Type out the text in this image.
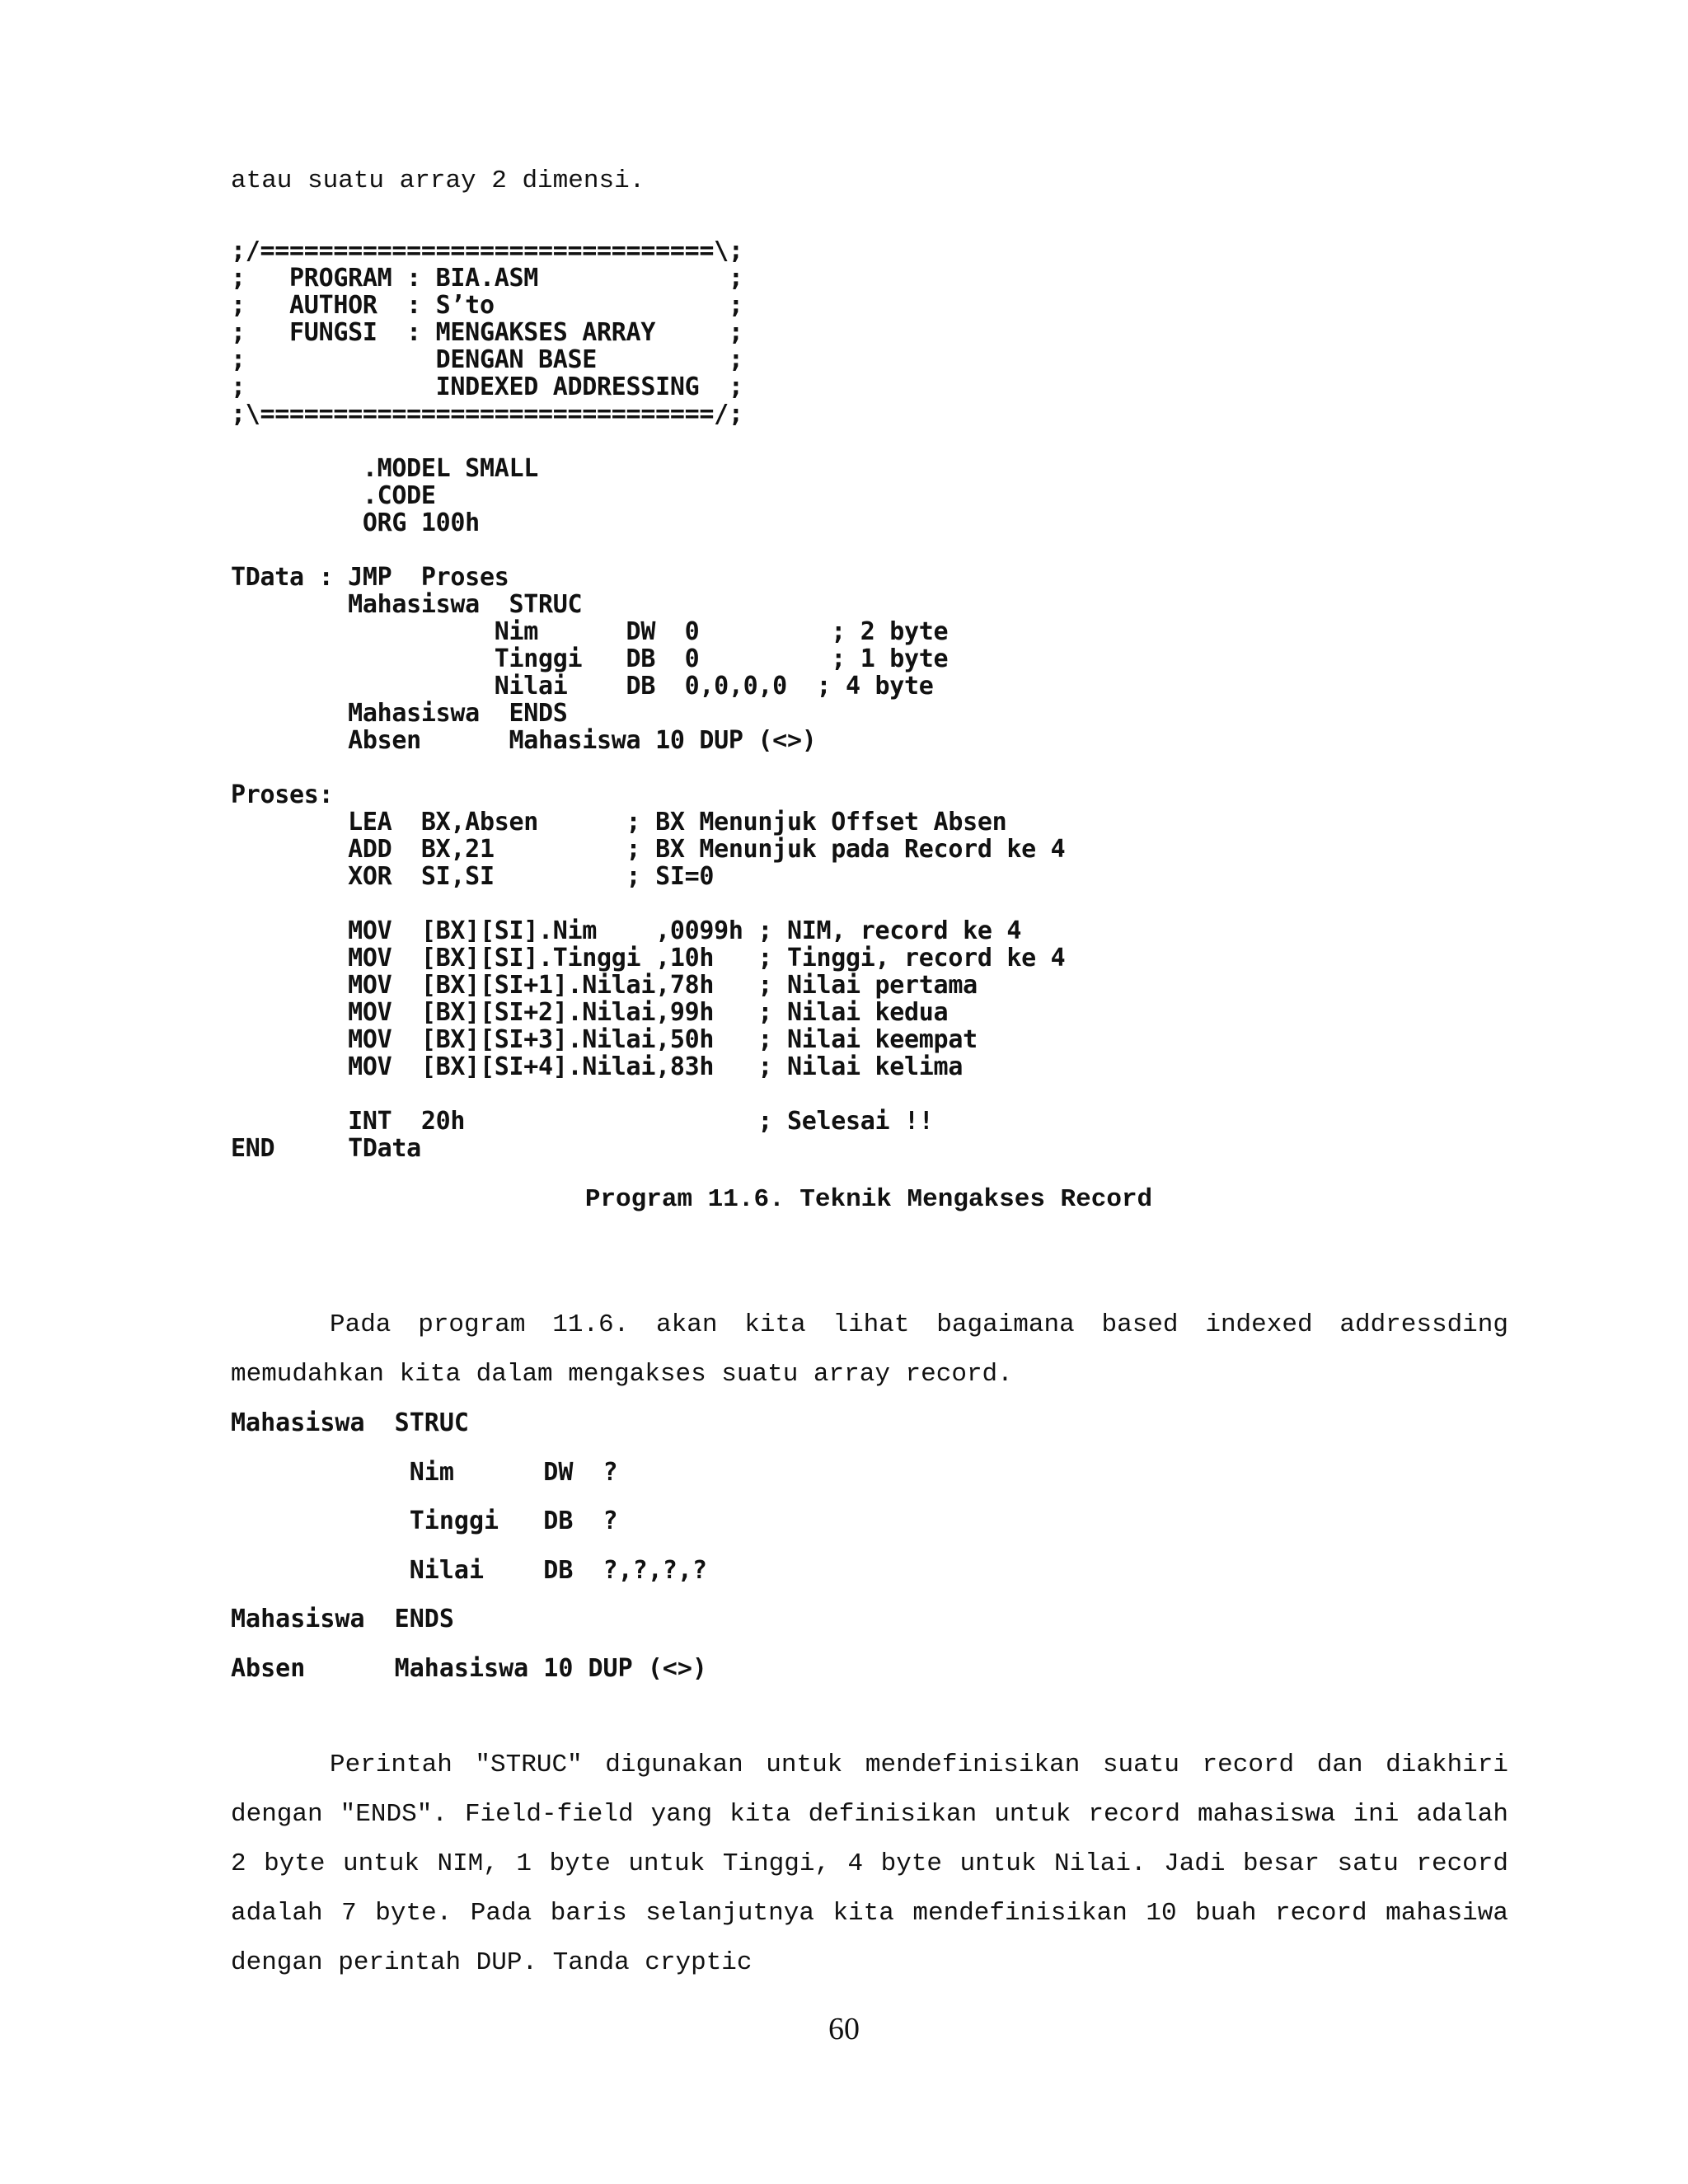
atau suatu array 2 dimensi.
;/===============================\;
;   PROGRAM : BIA.ASM             ;
;   AUTHOR  : S’to                ;
;   FUNGSI  : MENGAKSES ARRAY     ;
;             DENGAN BASE         ;
;             INDEXED ADDRESSING  ;
;\===============================/;

.MODEL SMALL
.CODE
ORG 100h

TData : JMP  Proses
Mahasiswa  STRUC
Nim      DW  0         ; 2 byte
Tinggi   DB  0         ; 1 byte
Nilai    DB  0,0,0,0  ; 4 byte
Mahasiswa  ENDS
Absen      Mahasiswa 10 DUP (<>)

Proses:
LEA  BX,Absen      ; BX Menunjuk Offset Absen
ADD  BX,21         ; BX Menunjuk pada Record ke 4
XOR  SI,SI         ; SI=0

MOV  [BX][SI].Nim    ,0099h ; NIM, record ke 4
MOV  [BX][SI].Tinggi ,10h   ; Tinggi, record ke 4
MOV  [BX][SI+1].Nilai,78h   ; Nilai pertama
MOV  [BX][SI+2].Nilai,99h   ; Nilai kedua
MOV  [BX][SI+3].Nilai,50h   ; Nilai keempat
MOV  [BX][SI+4].Nilai,83h   ; Nilai kelima

INT  20h                    ; Selesai !!
END     TData
Program 11.6. Teknik Mengakses Record

Pada program 11.6. akan kita lihat bagaimana based indexed addressding memudahkan kita dalam mengakses suatu array record.

Mahasiswa  STRUC
Nim      DW  ?
Tinggi   DB  ?
Nilai    DB  ?,?,?,?
Mahasiswa  ENDS
Absen      Mahasiswa 10 DUP (<>)

Perintah "STRUC" digunakan untuk mendefinisikan suatu record dan diakhiri dengan "ENDS". Field-field yang kita definisikan untuk record mahasiswa ini adalah 2 byte untuk NIM, 1 byte untuk Tinggi, 4 byte untuk Nilai. Jadi besar satu record adalah 7 byte. Pada baris selanjutnya kita mendefinisikan 10 buah record mahasiwa dengan perintah DUP. Tanda cryptic

60
